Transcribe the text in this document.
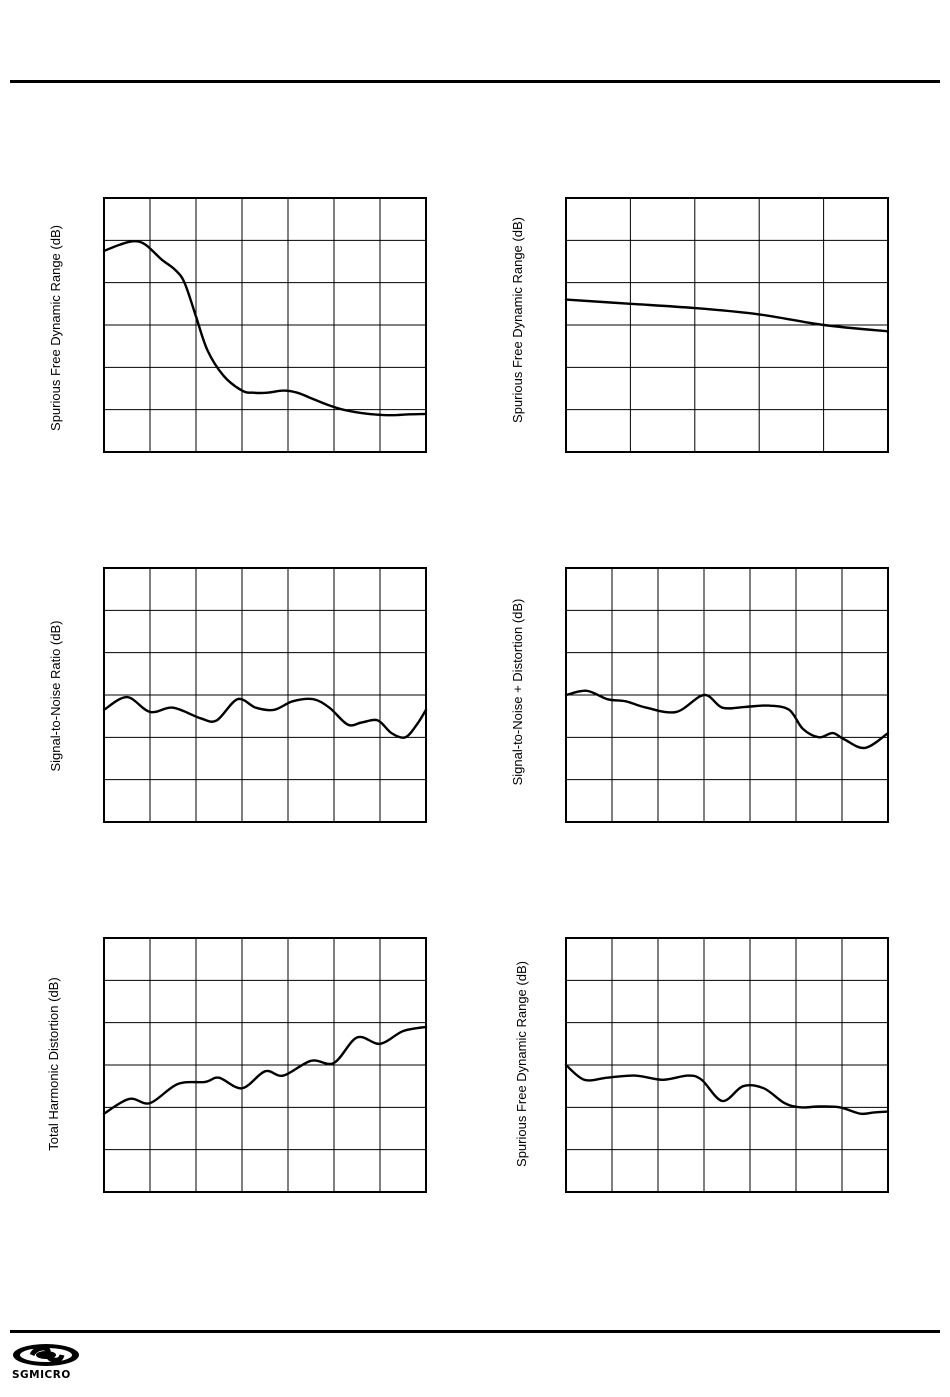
Spurious Free Dynamic Range (dB)	Spurious Free Dynamic Range (dB)
Signal-to-Noise Ratio (dB)	Signal-to-Noise + Distortion (dB)
Total Harmonic Distortion (dB)	Spurious Free Dynamic Range (dB)
SGMICRO
